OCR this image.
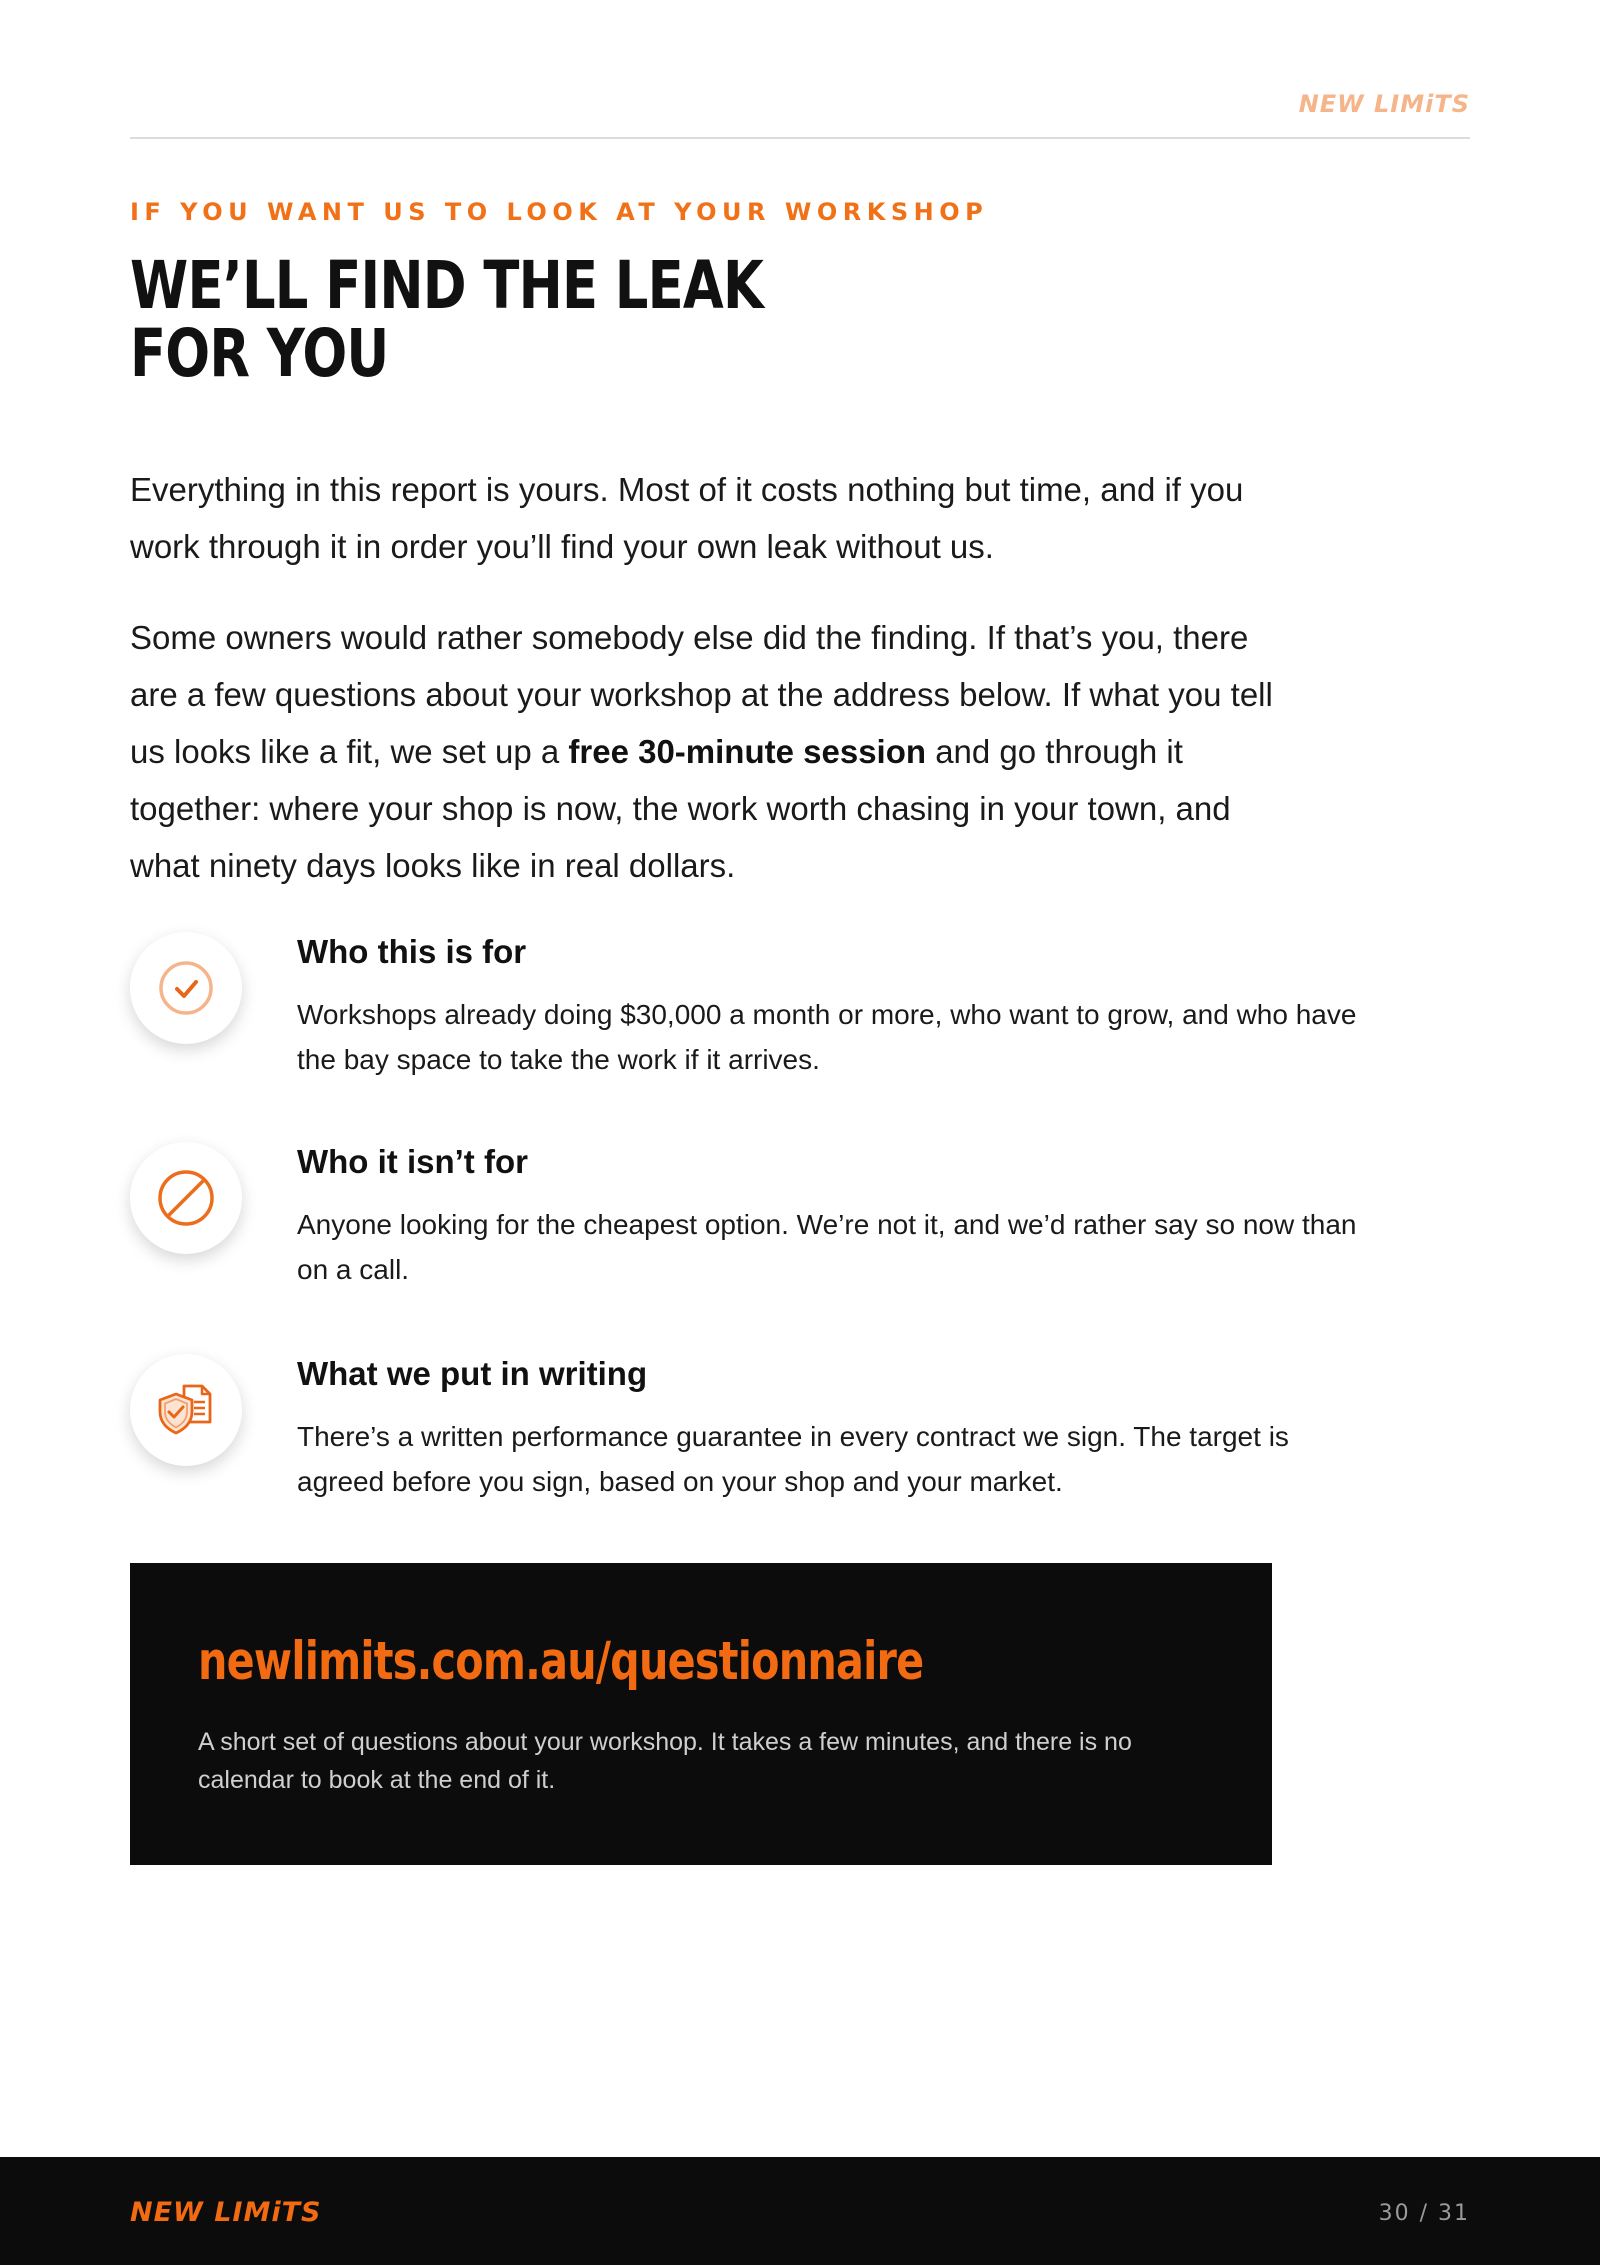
NEW LIMiTS
IF YOU WANT US TO LOOK AT YOUR WORKSHOP
WE’LL FIND THE LEAK
FOR YOU

Everything in this report is yours. Most of it costs nothing but time, and if you work through it in order you’ll find your own leak without us.

Some owners would rather somebody else did the finding. If that’s you, there are a few questions about your workshop at the address below. If what you tell us looks like a fit, we set up a free 30-minute session and go through it together: where your shop is now, the work worth chasing in your town, and what ninety days looks like in real dollars.

Who this is for
Workshops already doing $30,000 a month or more, who want to grow, and who have the bay space to take the work if it arrives.
Who it isn’t for
Anyone looking for the cheapest option. We’re not it, and we’d rather say so now than on a call.
What we put in writing
There’s a written performance guarantee in every contract we sign. The target is agreed before you sign, based on your shop and your market.
newlimits.com.au/questionnaire
A short set of questions about your workshop. It takes a few minutes, and there is no calendar to book at the end of it.
NEW LIMiTS	30 / 31
